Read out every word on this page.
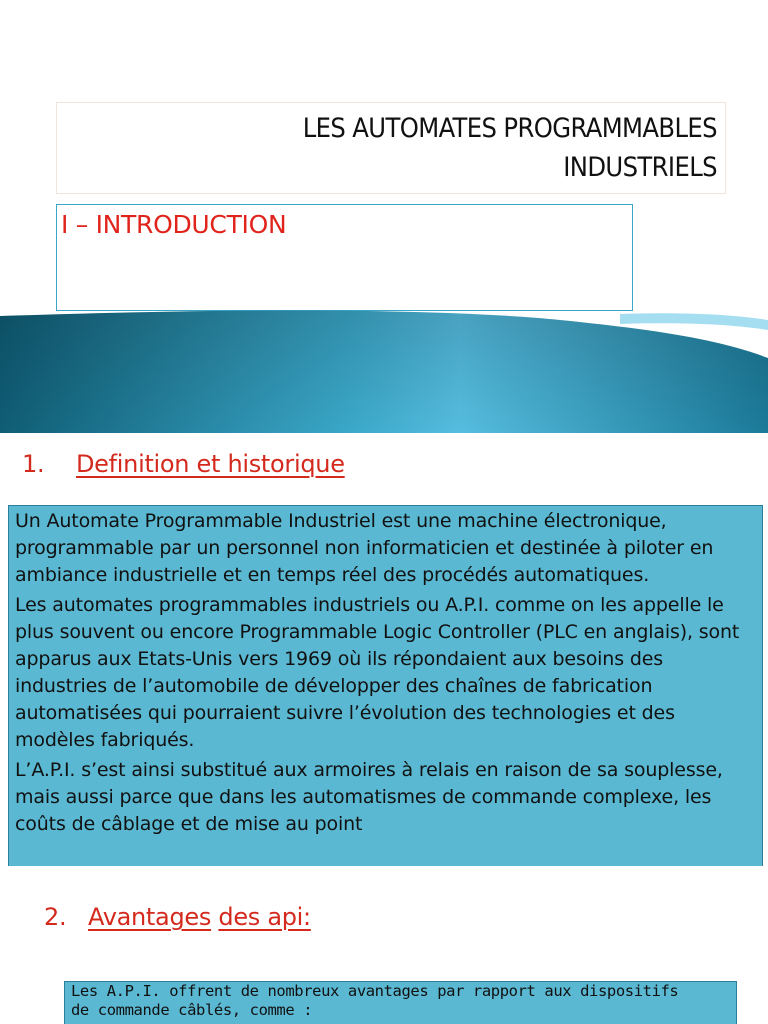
LES AUTOMATES PROGRAMMABLES
INDUSTRIELS
I – INTRODUCTION
1. Definition et historique

Un Automate Programmable Industriel est une machine électronique, programmable par un personnel non informaticien et destinée à piloter en ambiance industrielle et en temps réel des procédés automatiques.

Les automates programmables industriels ou A.P.I. comme on les appelle le plus souvent ou encore Programmable Logic Controller (PLC en anglais), sont apparus aux Etats-Unis vers 1969 où ils répondaient aux besoins des industries de l’automobile de développer des chaînes de fabrication automatisées qui pourraient suivre l’évolution des technologies et des modèles fabriqués.

L’A.P.I. s’est ainsi substitué aux armoires à relais en raison de sa souplesse, mais aussi parce que dans les automatismes de commande complexe, les coûts de câblage et de mise au point

2. Avantages des api:

Les A.P.I. offrent de nombreux avantages par rapport aux dispositifs

de commande câblés, comme :
